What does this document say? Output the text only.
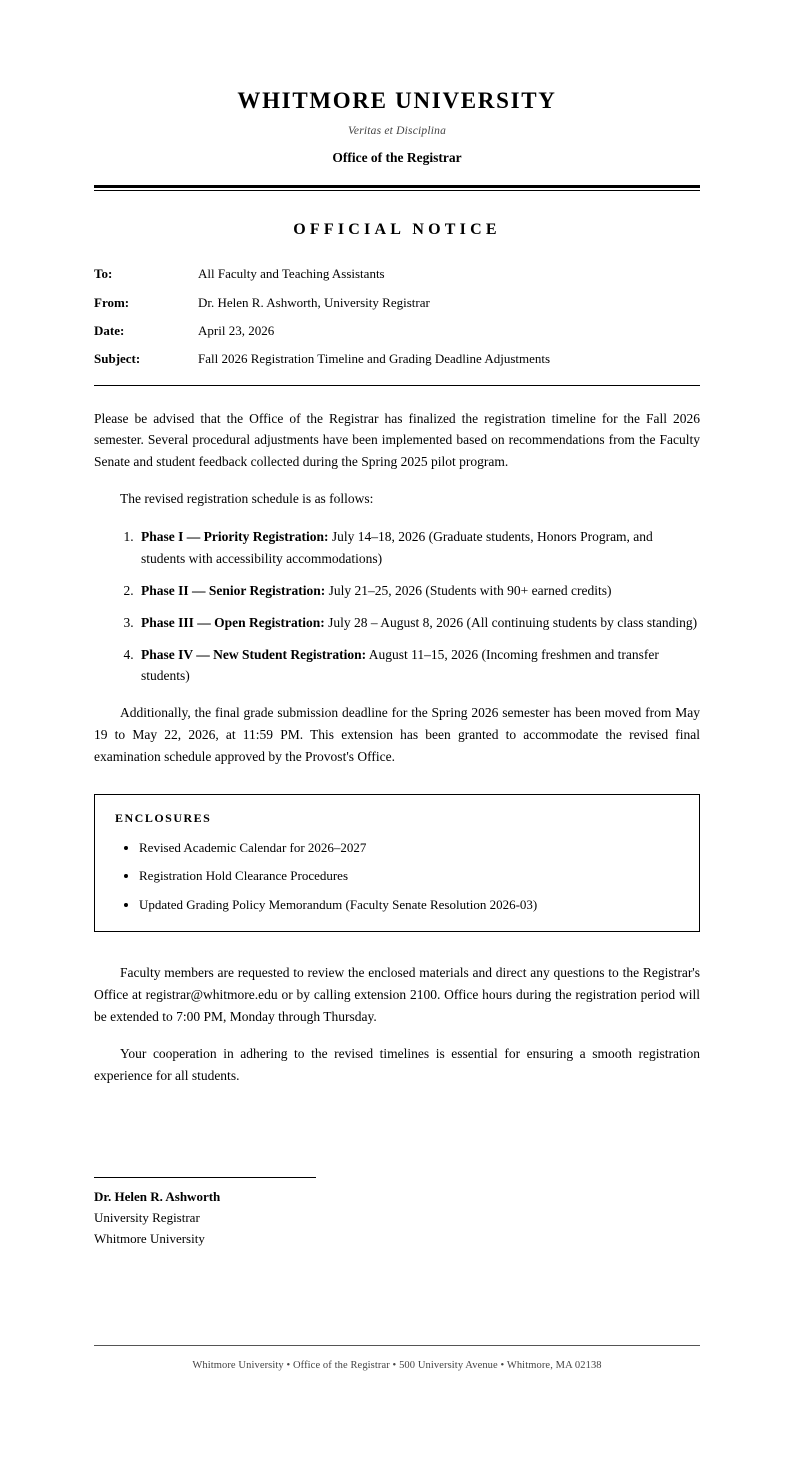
WHITMORE UNIVERSITY
Veritas et Disciplina
Office of the Registrar
OFFICIAL NOTICE
To:	All Faculty and Teaching Assistants
From:	Dr. Helen R. Ashworth, University Registrar
Date:	April 23, 2026
Subject:	Fall 2026 Registration Timeline and Grading Deadline Adjustments

Please be advised that the Office of the Registrar has finalized the registration timeline for the Fall 2026 semester. Several procedural adjustments have been implemented based on recommendations from the Faculty Senate and student feedback collected during the Spring 2025 pilot program.

The revised registration schedule is as follows:

1. Phase I — Priority Registration: July 14–18, 2026 (Graduate students, Honors Program, and students with accessibility accommodations)
2. Phase II — Senior Registration: July 21–25, 2026 (Students with 90+ earned credits)
3. Phase III — Open Registration: July 28 – August 8, 2026 (All continuing students by class standing)
4. Phase IV — New Student Registration: August 11–15, 2026 (Incoming freshmen and transfer students)

Additionally, the final grade submission deadline for the Spring 2026 semester has been moved from May 19 to May 22, 2026, at 11:59 PM. This extension has been granted to accommodate the revised final examination schedule approved by the Provost's Office.

ENCLOSURES
• Revised Academic Calendar for 2026–2027
• Registration Hold Clearance Procedures
• Updated Grading Policy Memorandum (Faculty Senate Resolution 2026-03)

Faculty members are requested to review the enclosed materials and direct any questions to the Registrar's Office at registrar@whitmore.edu or by calling extension 2100. Office hours during the registration period will be extended to 7:00 PM, Monday through Thursday.

Your cooperation in adhering to the revised timelines is essential for ensuring a smooth registration experience for all students.

Dr. Helen R. Ashworth
University Registrar
Whitmore University
Whitmore University • Office of the Registrar • 500 University Avenue • Whitmore, MA 02138
